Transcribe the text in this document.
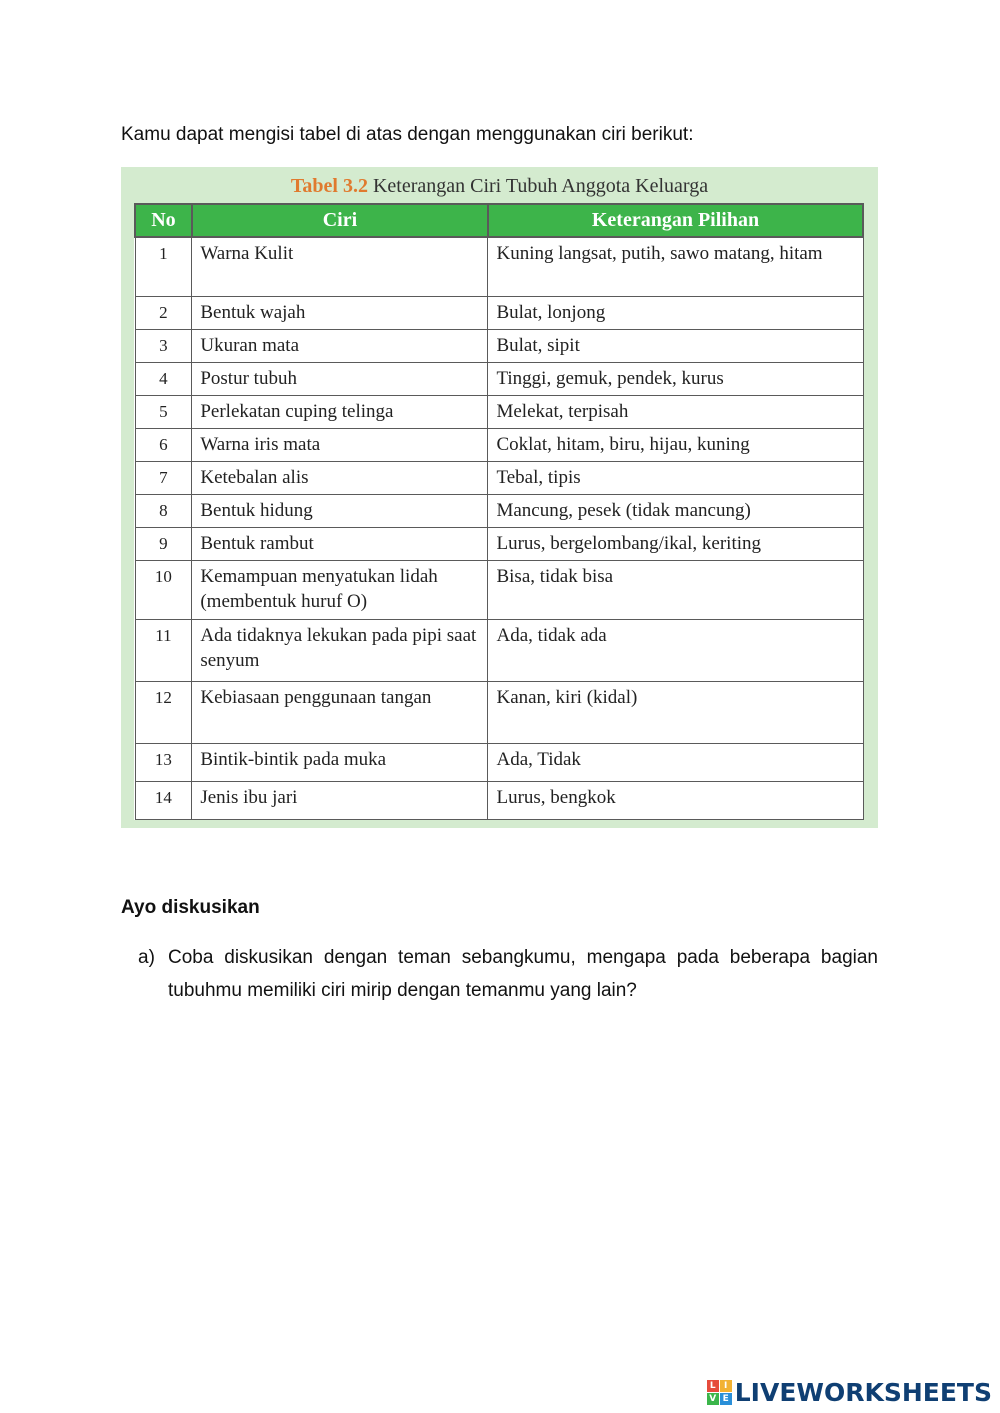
Kamu dapat mengisi tabel di atas dengan menggunakan ciri berikut:

Tabel 3.2 Keterangan Ciri Tubuh Anggota Keluarga
No	Ciri	Keterangan Pilihan
1	Warna Kulit	Kuning langsat, putih, sawo matang, hitam
2	Bentuk wajah	Bulat, lonjong
3	Ukuran mata	Bulat, sipit
4	Postur tubuh	Tinggi, gemuk, pendek, kurus
5	Perlekatan cuping telinga	Melekat, terpisah
6	Warna iris mata	Coklat, hitam, biru, hijau, kuning
7	Ketebalan alis	Tebal, tipis
8	Bentuk hidung	Mancung, pesek (tidak mancung)
9	Bentuk rambut	Lurus, bergelombang/ikal, keriting
10	Kemampuan menyatukan lidah (membentuk huruf O)	Bisa, tidak bisa
11	Ada tidaknya lekukan pada pipi saat senyum	Ada, tidak ada
12	Kebiasaan penggunaan tangan	Kanan, kiri (kidal)
13	Bintik-bintik pada muka	Ada, Tidak
14	Jenis ibu jari	Lurus, bengkok

Ayo diskusikan

a) Coba diskusikan dengan teman sebangkumu, mengapa pada beberapa bagian tubuhmu memiliki ciri mirip dengan temanmu yang lain?
L I
V E LIVEWORKSHEETS
